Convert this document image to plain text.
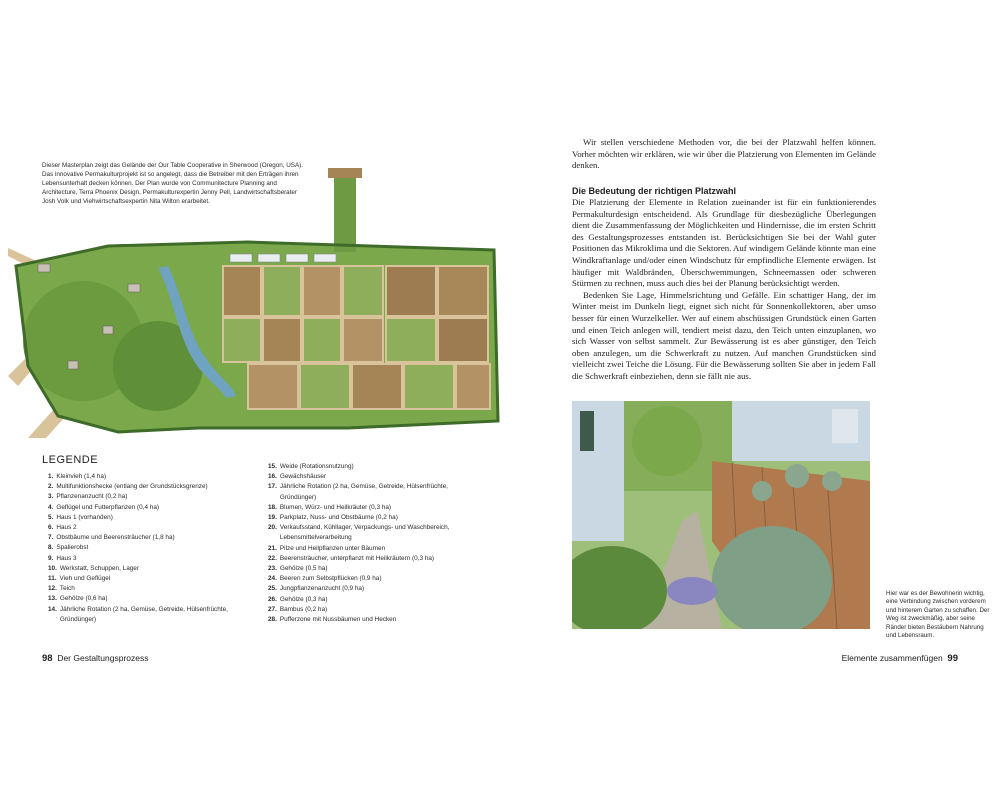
Dieser Masterplan zeigt das Gelände der Our Table Cooperative in Sherwood (Oregon, USA). Das innovative Permakulturprojekt ist so angelegt, dass die Betreiber mit den Erträgen ihren Lebensunterhalt decken können. Der Plan wurde von Communitecture Planning and Architecture, Terra Phoenix Design, Permakulturexpertin Jenny Pell, Landwirtschaftsberater Josh Volk und Viehwirtschaftsexpertin Nita Wilton erarbeitet.
LEGENDE
1. Kleinvieh (1,4 ha)
2. Multifunktionshecke (entlang der Grundstücksgrenze)
3. Pflanzenanzucht (0,2 ha)
4. Geflügel und Futterpflanzen (0,4 ha)
5. Haus 1 (vorhanden)
6. Haus 2
7. Obstbäume und Beerensträucher (1,8 ha)
8. Spalierobst
9. Haus 3
10. Werkstatt, Schuppen, Lager
11. Vieh und Geflügel
12. Teich
13. Gehölze (0,6 ha)
14. Jährliche Rotation (2 ha, Gemüse, Getreide, Hülsenfrüchte, Gründünger)
15. Weide (Rotationsnutzung)
16. Gewächshäuser
17. Jährliche Rotation (2 ha, Gemüse, Getreide, Hülsenfrüchte, Gründünger)
18. Blumen, Würz- und Heilkräuter (0,3 ha)
19. Parkplatz, Nuss- und Obstbäume (0,2 ha)
20. Verkaufsstand, Kühllager, Verpackungs- und Waschbereich, Lebensmittelverarbeitung
21. Pilze und Heilpflanzen unter Bäumen
22. Beerensträucher, unterpflanzt mit Heilkräutern (0,3 ha)
23. Gehölze (0,5 ha)
24. Beeren zum Selbstpflücken (0,9 ha)
25. Jungpflanzenanzucht (0,9 ha)
26. Gehölze (0,3 ha)
27. Bambus (0,2 ha)
28. Pufferzone mit Nussbäumen und Hecken
98 Der Gestaltungsprozess
Wir stellen verschiedene Methoden vor, die bei der Platzwahl helfen können. Vorher möchten wir erklären, wie wir über die Platzierung von Elementen im Gelände denken.
Die Bedeutung der richtigen Platzwahl

Die Platzierung der Elemente in Relation zueinander ist für ein funktionierendes Permakulturdesign entscheidend. Als Grundlage für diesbezügliche Überlegungen dient die Zusammenfassung der Möglichkeiten und Hindernisse, die im ersten Schritt des Gestaltungsprozesses entstanden ist. Berücksichtigen Sie bei der Wahl guter Positionen das Mikroklima und die Sektoren. Auf windigem Gelände könnte man eine Windkraftanlage und/oder einen Windschutz für empfindliche Elemente erwägen. Ist häufiger mit Waldbränden, Überschwemmungen, Schneemassen oder schweren Stürmen zu rechnen, muss auch dies bei der Planung berücksichtigt werden.

Bedenken Sie Lage, Himmelsrichtung und Gefälle. Ein schattiger Hang, der im Winter meist im Dunkeln liegt, eignet sich nicht für Sonnenkollektoren, aber umso besser für einen Wurzelkeller. Wer auf einem abschüssigen Grundstück einen Garten und einen Teich anlegen will, tendiert meist dazu, den Teich unten einzuplanen, wo sich Wasser von selbst sammelt. Zur Bewässerung ist es aber günstiger, den Teich oben anzulegen, um die Schwerkraft zu nutzen. Auf manchen Grundstücken sind vielleicht zwei Teiche die Lösung. Für die Bewässerung sollten Sie aber in jedem Fall die Schwerkraft einbeziehen, denn sie fällt nie aus.

Hier war es der Bewohnerin wichtig, eine Verbindung zwischen vorderem und hinterem Garten zu schaffen. Der Weg ist zweckmäßig, aber seine Ränder bieten Bestäubern Nahrung und Lebensraum.
Elemente zusammenfügen 99
